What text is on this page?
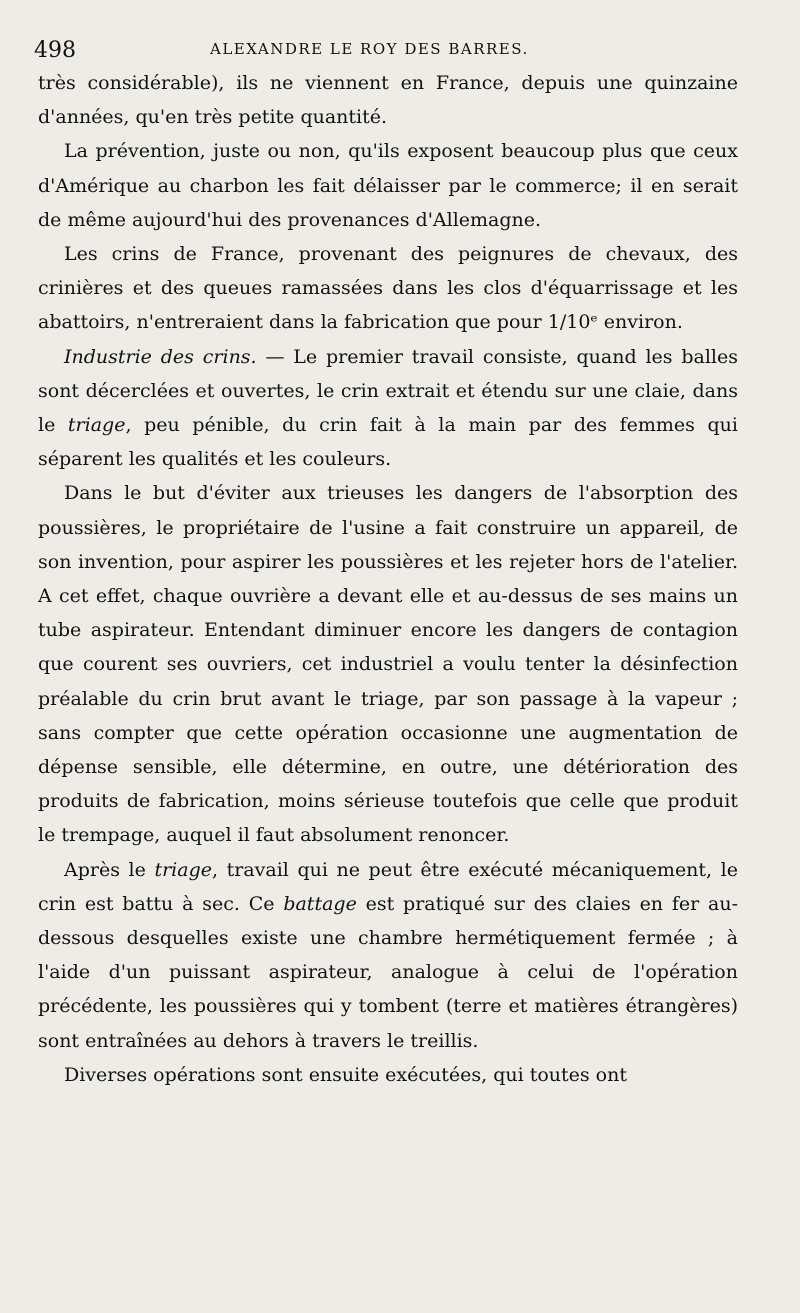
498	ALEXANDRE LE ROY DES BARRES.

très considérable), ils ne viennent en France, depuis une quinzaine d'années, qu'en très petite quantité.

La prévention, juste ou non, qu'ils exposent beaucoup plus que ceux d'Amérique au charbon les fait délaisser par le commerce; il en serait de même aujourd'hui des provenances d'Allemagne.

Les crins de France, provenant des peignures de chevaux, des crinières et des queues ramassées dans les clos d'équarrissage et les abattoirs, n'entreraient dans la fabrication que pour 1/10ᵉ environ.

Industrie des crins. — Le premier travail consiste, quand les balles sont décerclées et ouvertes, le crin extrait et étendu sur une claie, dans le triage, peu pénible, du crin fait à la main par des femmes qui séparent les qualités et les couleurs.

Dans le but d'éviter aux trieuses les dangers de l'absorption des poussières, le propriétaire de l'usine a fait construire un appareil, de son invention, pour aspirer les poussières et les rejeter hors de l'atelier. A cet effet, chaque ouvrière a devant elle et au-dessus de ses mains un tube aspirateur. Entendant diminuer encore les dangers de contagion que courent ses ouvriers, cet industriel a voulu tenter la désinfection préalable du crin brut avant le triage, par son passage à la vapeur ; sans compter que cette opération occasionne une augmentation de dépense sensible, elle détermine, en outre, une détérioration des produits de fabrication, moins sérieuse toutefois que celle que produit le trempage, auquel il faut absolument renoncer.

Après le triage, travail qui ne peut être exécuté mécaniquement, le crin est battu à sec. Ce battage est pratiqué sur des claies en fer au-dessous desquelles existe une chambre hermétiquement fermée ; à l'aide d'un puissant aspirateur, analogue à celui de l'opération précédente, les poussières qui y tombent (terre et matières étrangères) sont entraînées au dehors à travers le treillis.

Diverses opérations sont ensuite exécutées, qui toutes ont
